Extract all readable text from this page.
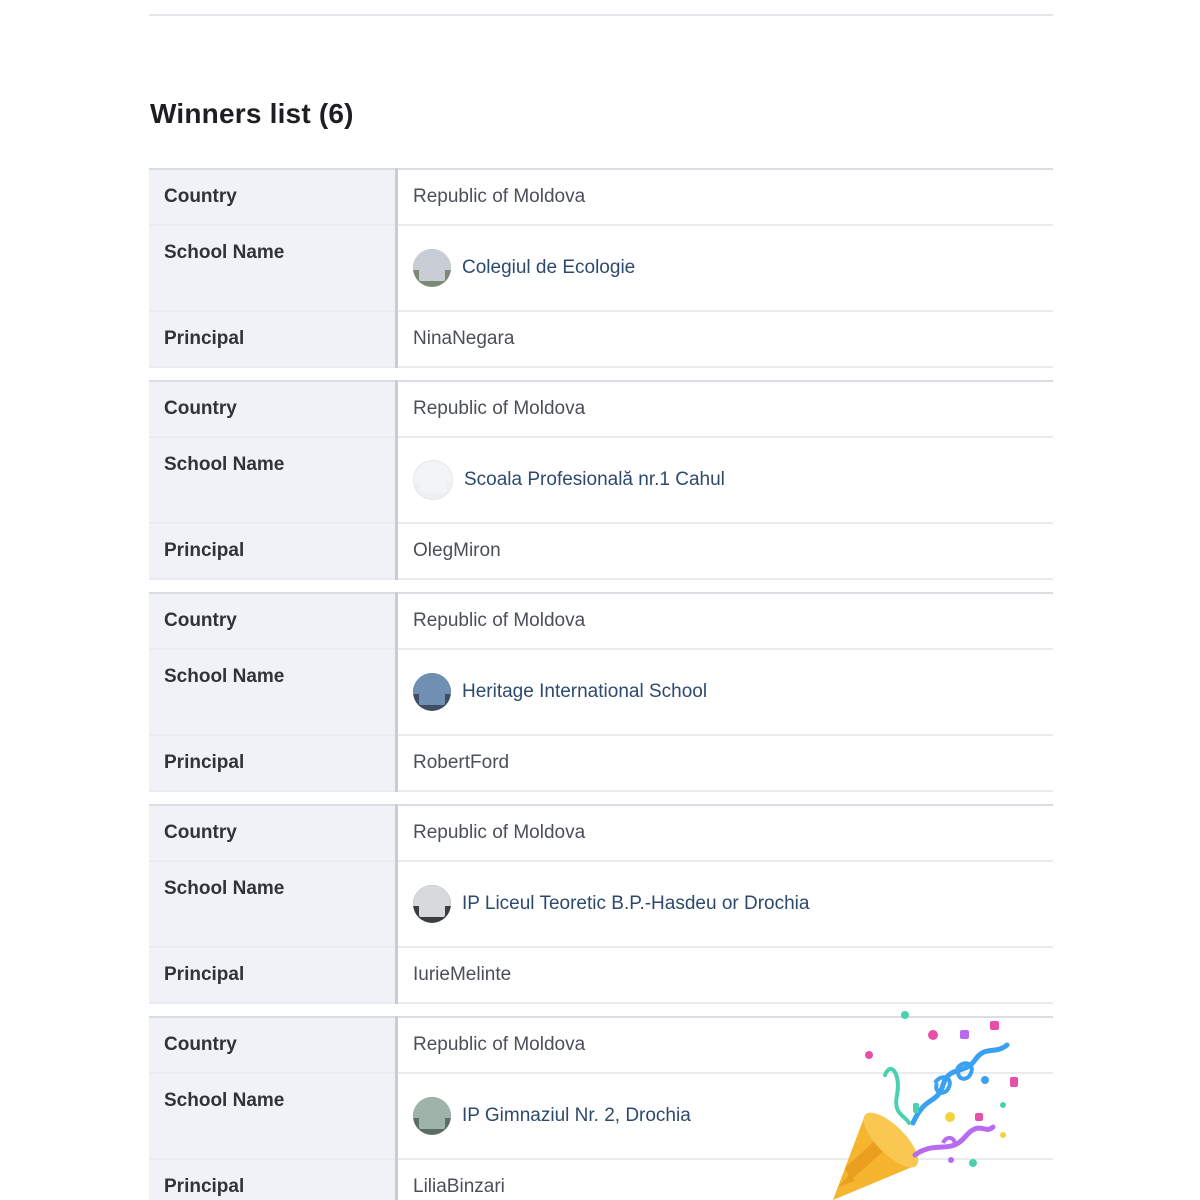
Winners list (6)
Country	Republic of Moldova
School Name	Colegiul de Ecologie

Principal	NinaNegara
Country	Republic of Moldova
School Name	Scoala Profesională nr.1 Cahul

Principal	OlegMiron
Country	Republic of Moldova
School Name	Heritage International School

Principal	RobertFord
Country	Republic of Moldova
School Name	IP Liceul Teoretic B.P.-Hasdeu or Drochia

Principal	IurieMelinte
Country	Republic of Moldova
School Name	IP Gimnaziul Nr. 2, Drochia

Principal	LiliaBinzari
